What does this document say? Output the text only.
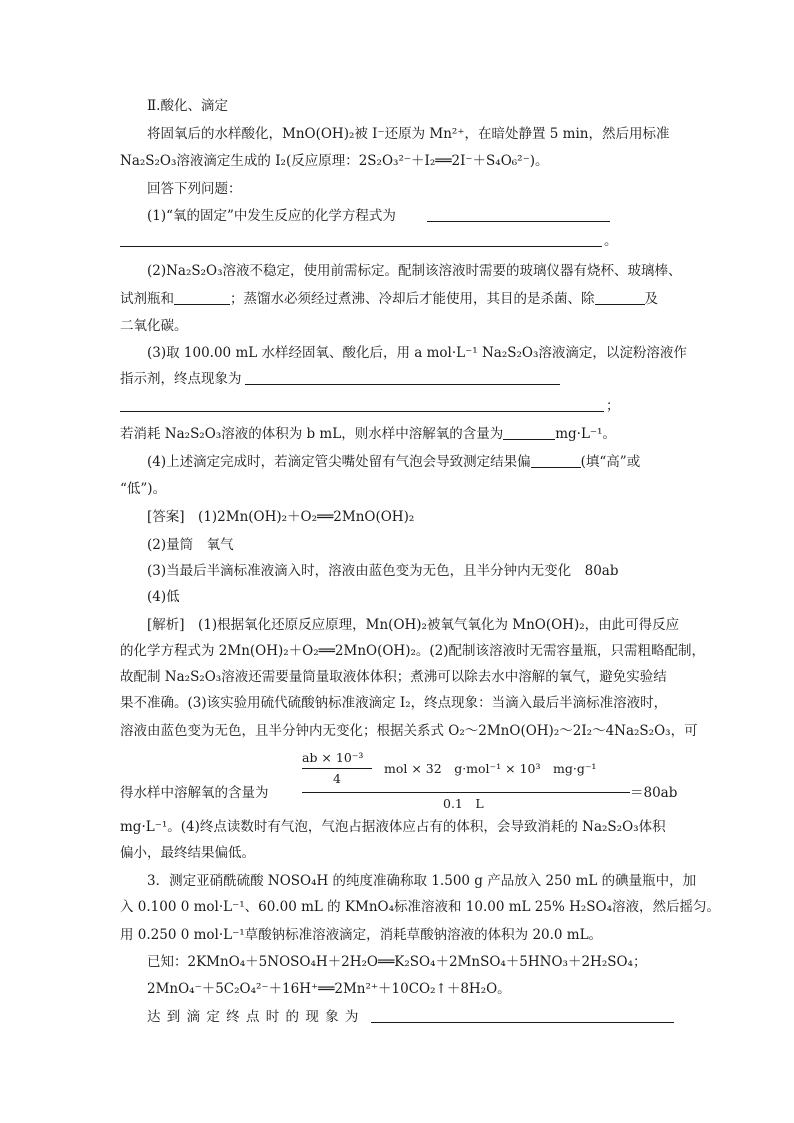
Ⅱ.酸化、滴定
将固氧后的水样酸化，MnO(OH)₂被 I⁻还原为 Mn²⁺，在暗处静置 5 min，然后用标准
Na₂S₂O₃溶液滴定生成的 I₂(反应原理：2S₂O₃²⁻＋I₂══2I⁻＋S₄O₆²⁻)。
回答下列问题：
(1)“氧的固定”中发生反应的化学方程式为
。
(2)Na₂S₂O₃溶液不稳定，使用前需标定。配制该溶液时需要的玻璃仪器有烧杯、玻璃棒、
试剂瓶和	；蒸馏水必须经过煮沸、冷却后才能使用，其目的是杀菌、除	及
二氧化碳。
(3)取 100.00 mL 水样经固氧、酸化后，用 a mol·L⁻¹ Na₂S₂O₃溶液滴定，以淀粉溶液作
指示剂，终点现象为
；
若消耗 Na₂S₂O₃溶液的体积为 b mL，则水样中溶解氧的含量为	mg·L⁻¹。
(4)上述滴定完成时，若滴定管尖嘴处留有气泡会导致测定结果偏	(填“高”或
“低”)。
[答案]　 (1)2Mn(OH)₂＋O₂══2MnO(OH)₂
(2)量筒　氧气
(3)当最后半滴标准液滴入时，溶液由蓝色变为无色，且半分钟内无变化　80ab
(4)低
[解析]　 (1)根据氧化还原反应原理，Mn(OH)₂被氧气氧化为 MnO(OH)₂，由此可得反应
的化学方程式为 2Mn(OH)₂＋O₂══2MnO(OH)₂。(2)配制该溶液时无需容量瓶，只需粗略配制，
故配制 Na₂S₂O₃溶液还需要量筒量取液体体积；煮沸可以除去水中溶解的氧气，避免实验结
果不准确。(3)该实验用硫代硫酸钠标准液滴定 I₂，终点现象：当滴入最后半滴标准溶液时，
溶液由蓝色变为无色，且半分钟内无变化；根据关系式 O₂～2MnO(OH)₂～2I₂～4Na₂S₂O₃，可
ab × 10⁻³
4
mol × 32　g·mol⁻¹ × 10³　mg·g⁻¹
得水样中溶解氧的含量为
0.1　L
＝80ab
mg·L⁻¹。(4)终点读数时有气泡，气泡占据液体应占有的体积，会导致消耗的 Na₂S₂O₃体积
偏小，最终结果偏低。
3．测定亚硝酰硫酸 NOSO₄H 的纯度准确称取 1.500 g 产品放入 250 mL 的碘量瓶中，加
入 0.100 0 mol·L⁻¹、60.00 mL 的 KMnO₄标准溶液和 10.00 mL 25% H₂SO₄溶液，然后摇匀。
用 0.250 0 mol·L⁻¹草酸钠标准溶液滴定，消耗草酸钠溶液的体积为 20.0 mL。
已知：2KMnO₄＋5NOSO₄H＋2H₂O══K₂SO₄＋2MnSO₄＋5HNO₃＋2H₂SO₄；
2MnO₄⁻＋5C₂O₄²⁻＋16H⁺══2Mn²⁺＋10CO₂↑＋8H₂O。
达 到 滴 定 终 点 时 的 现 象 为
